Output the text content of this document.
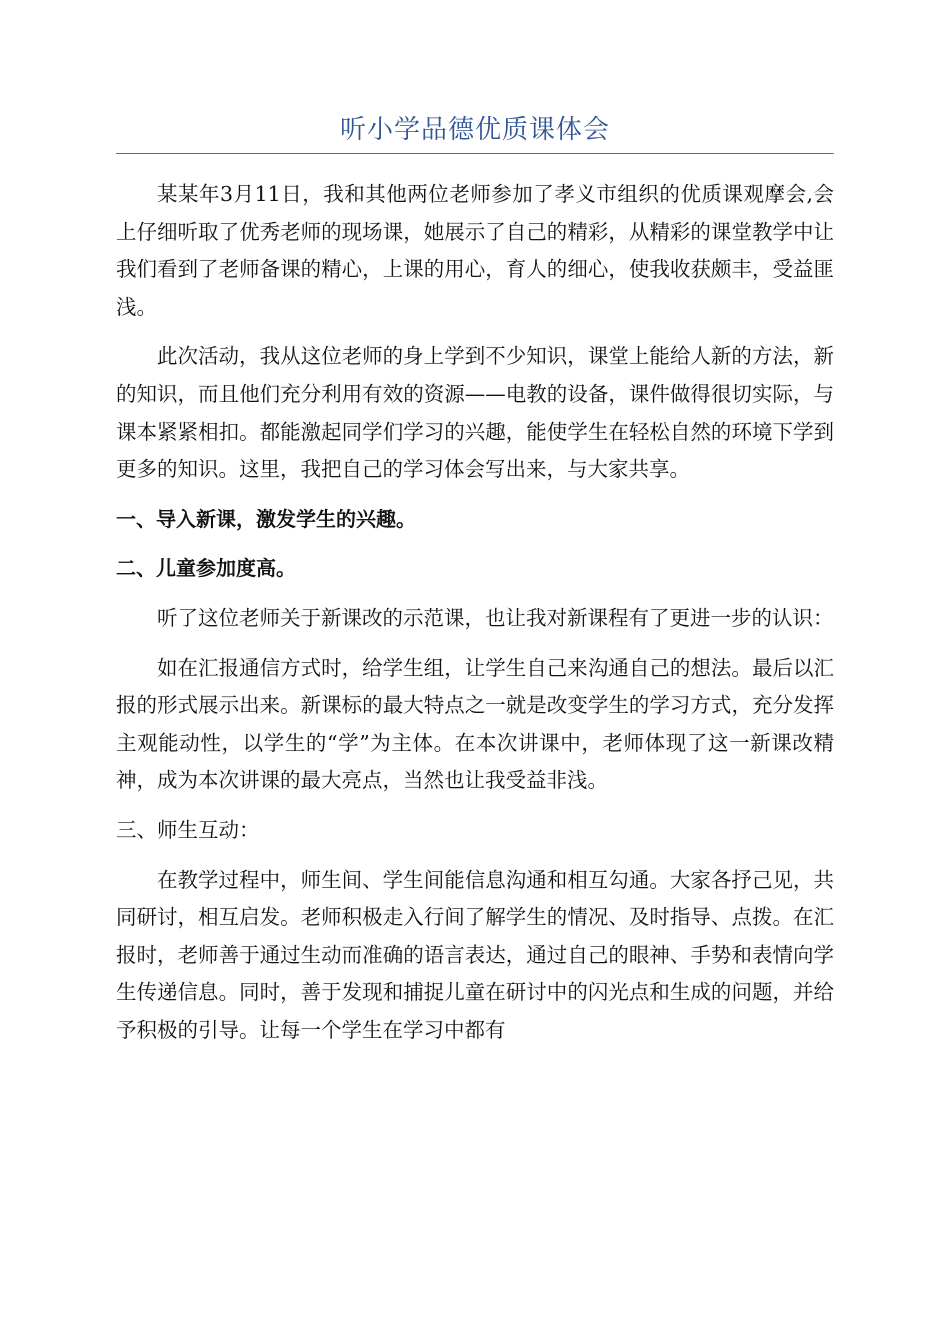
听小学品德优质课体会

某某年3月11日，我和其他两位老师参加了孝义市组织的优质课观摩会,会上仔细听取了优秀老师的现场课，她展示了自己的精彩，从精彩的课堂教学中让我们看到了老师备课的精心，上课的用心，育人的细心，使我收获颇丰，受益匪浅。

此次活动，我从这位老师的身上学到不少知识，课堂上能给人新的方法，新的知识，而且他们充分利用有效的资源——电教的设备，课件做得很切实际，与课本紧紧相扣。都能激起同学们学习的兴趣，能使学生在轻松自然的环境下学到更多的知识。这里，我把自己的学习体会写出来，与大家共享。

一、导入新课，激发学生的兴趣。

二、儿童参加度高。

听了这位老师关于新课改的示范课，也让我对新课程有了更进一步的认识：

如在汇报通信方式时，给学生组，让学生自己来沟通自己的想法。最后以汇报的形式展示出来。新课标的最大特点之一就是改变学生的学习方式，充分发挥主观能动性，以学生的“学”为主体。在本次讲课中，老师体现了这一新课改精神，成为本次讲课的最大亮点，当然也让我受益非浅。

三、师生互动：

在教学过程中，师生间、学生间能信息沟通和相互勾通。大家各抒己见，共同研讨，相互启发。老师积极走入行间了解学生的情况、及时指导、点拨。在汇报时，老师善于通过生动而准确的语言表达，通过自己的眼神、手势和表情向学生传递信息。同时，善于发现和捕捉儿童在研讨中的闪光点和生成的问题，并给予积极的引导。让每一个学生在学习中都有
